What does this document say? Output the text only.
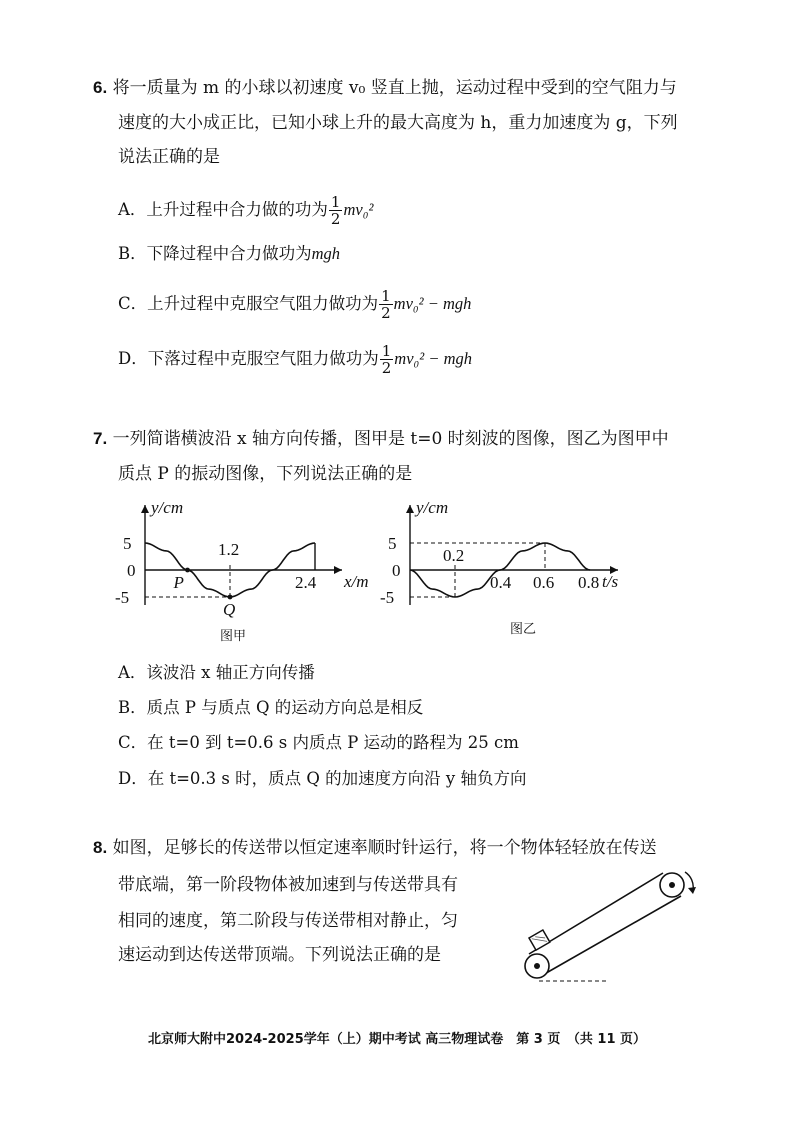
6. 将一质量为 m 的小球以初速度 v₀ 竖直上抛，运动过程中受到的空气阻力与
速度的大小成正比，已知小球上升的最大高度为 h，重力加速度为 g，下列
说法正确的是
A．上升过程中合力做的功为 $\frac{1}{2} mv_0^2$
B．下降过程中合力做功为mgh
C．上升过程中克服空气阻力做功为 $\frac{1}{2} mv_0^2$ − mgh
D．下落过程中克服空气阻力做功为 $\frac{1}{2} mv_0^2$ − mgh
7. 一列简谐横波沿 x 轴方向传播，图甲是 t=0 时刻波的图像，图乙为图甲中
质点 P 的振动图像，下列说法正确的是
y/cm
5
0
-5
1.2
2.4 x/m
P
Q
图甲
y/cm
5
0
-5
0.2
0.4 0.6 0.8 t/s
图乙
A．该波沿 x 轴正方向传播
B．质点 P 与质点 Q 的运动方向总是相反
C．在 t=0 到 t=0.6 s 内质点 P 运动的路程为 25 cm
D．在 t=0.3 s 时，质点 Q 的加速度方向沿 y 轴负方向
8. 如图，足够长的传送带以恒定速率顺时针运行，将一个物体轻轻放在传送
带底端，第一阶段物体被加速到与传送带具有
相同的速度，第二阶段与传送带相对静止，匀
速运动到达传送带顶端。下列说法正确的是
北京师大附中2024-2025学年（上）期中考试 高三物理试卷　第 3 页　（共 11 页）
